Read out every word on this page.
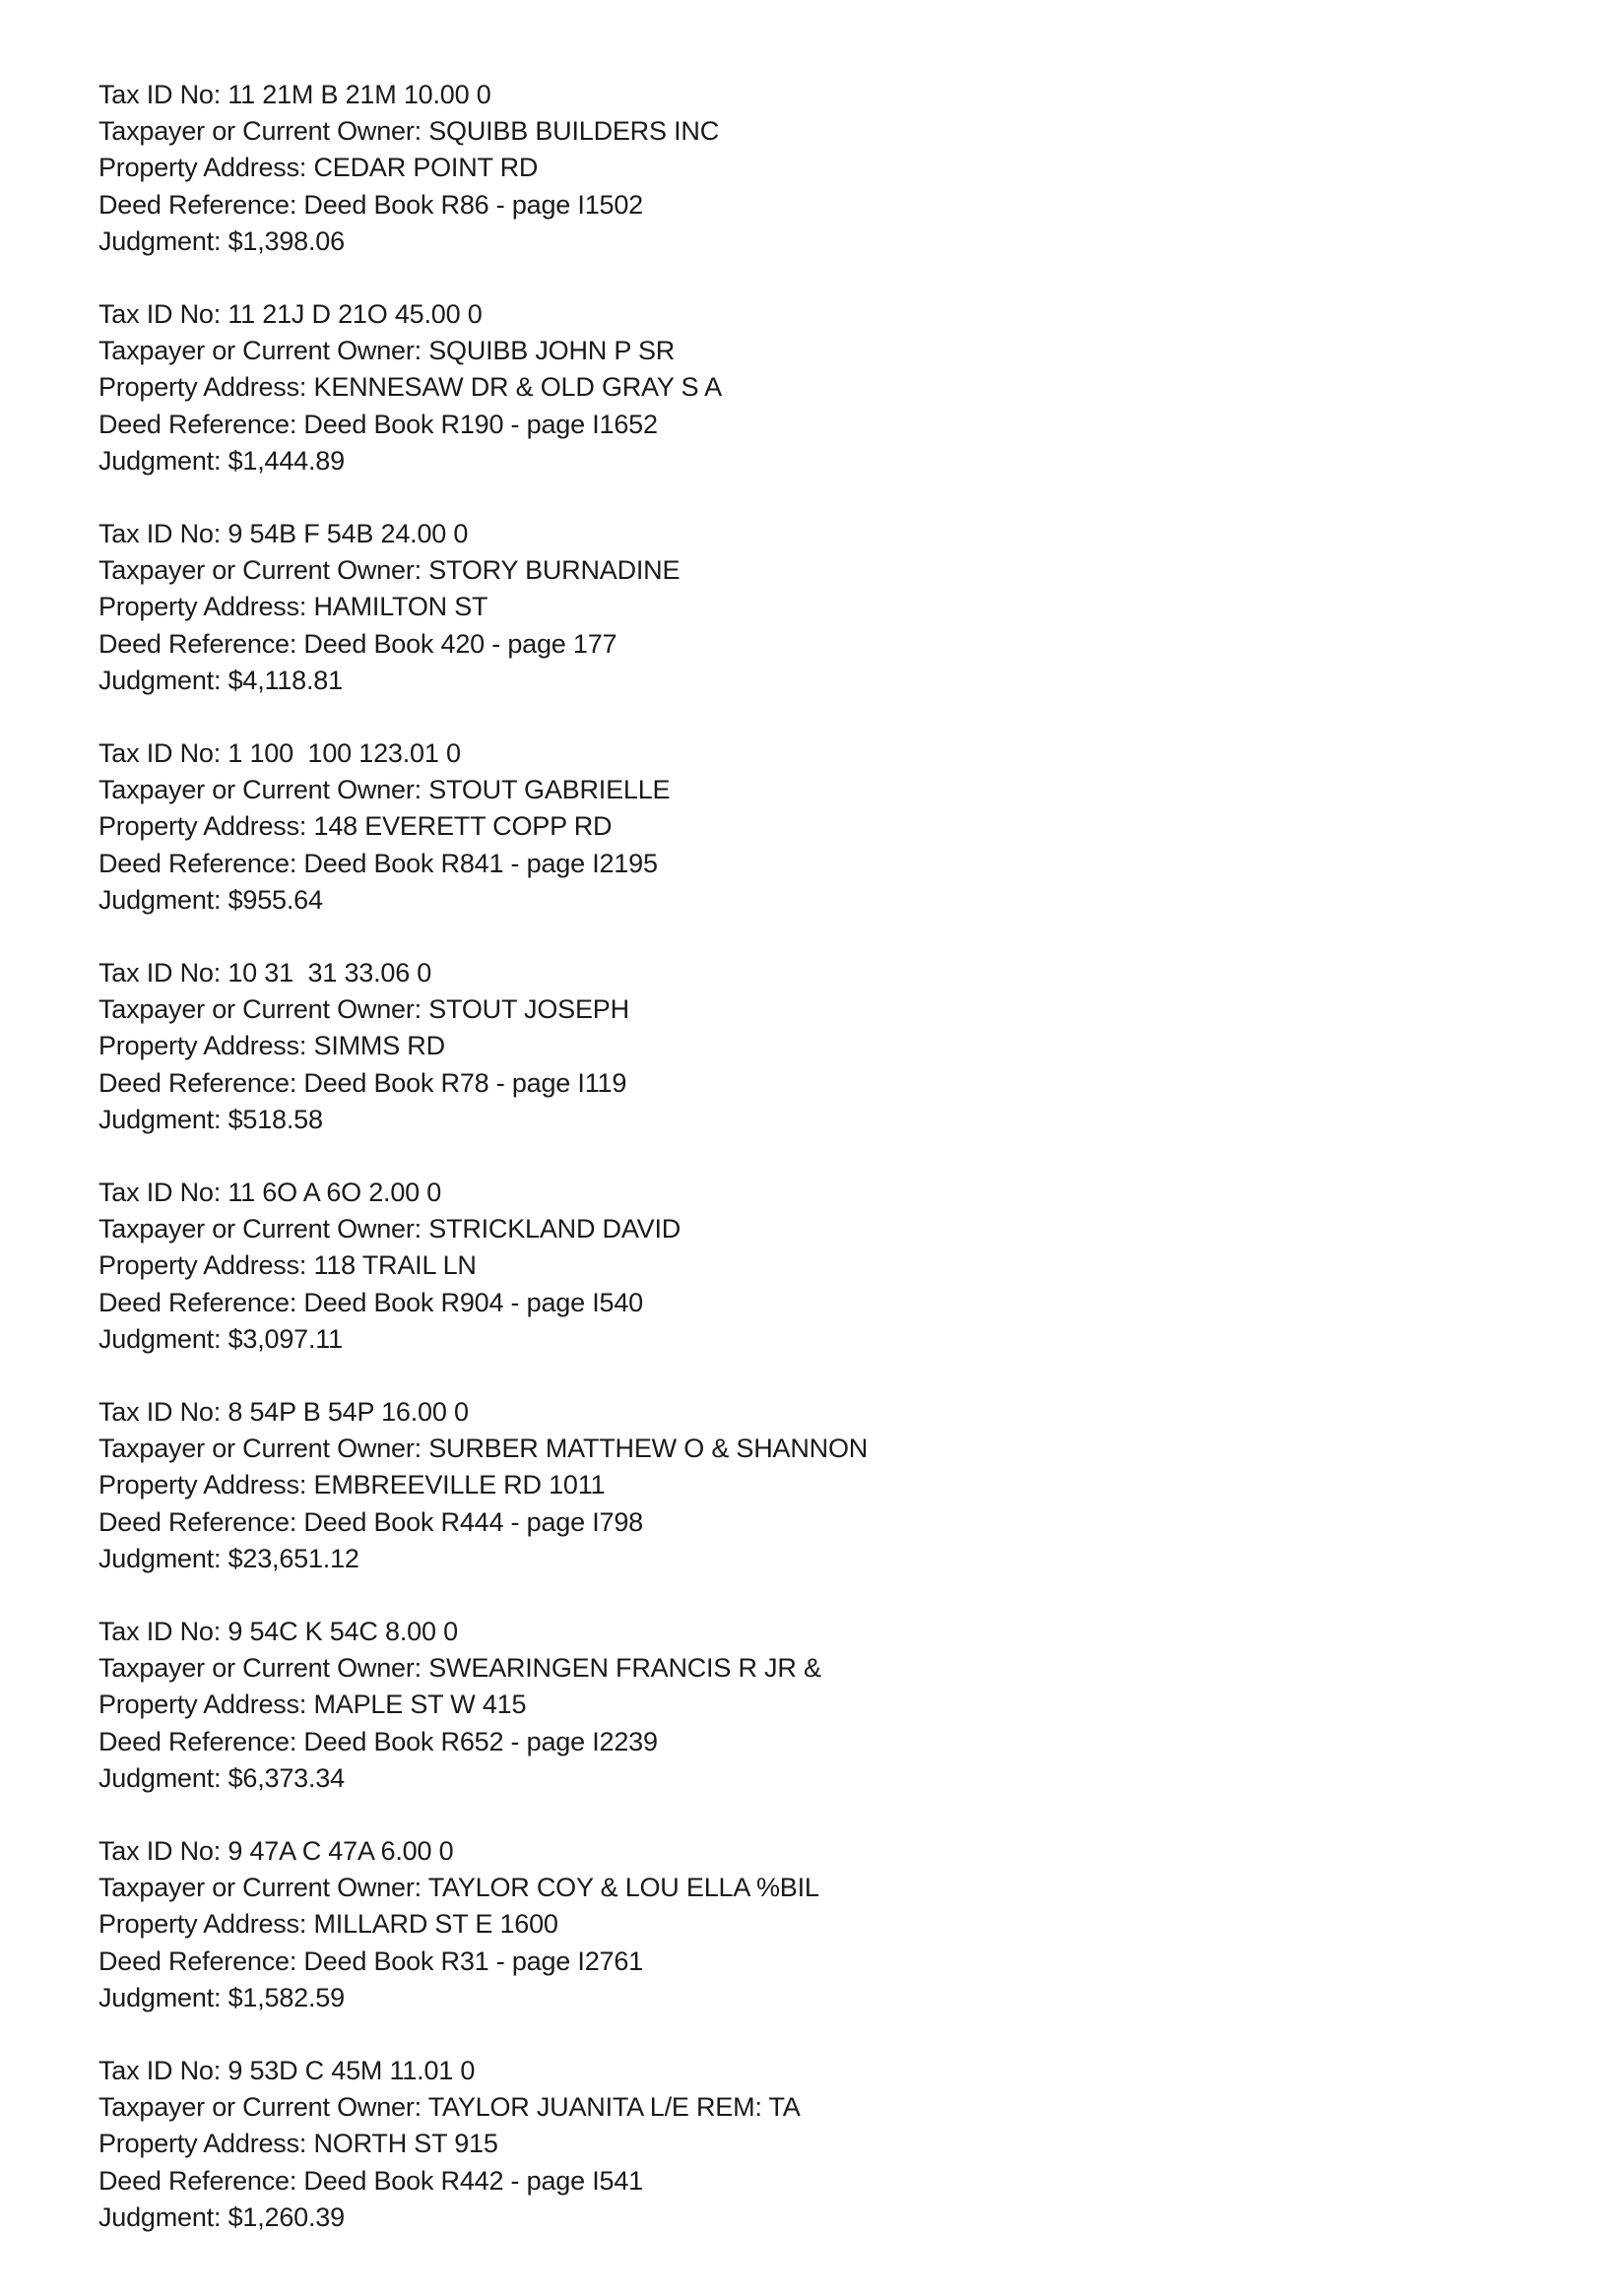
Tax ID No: 11 21M B 21M 10.00 0
Taxpayer or Current Owner: SQUIBB BUILDERS INC
Property Address: CEDAR POINT RD
Deed Reference: Deed Book R86 - page I1502
Judgment: $1,398.06
Tax ID No: 11 21J D 21O 45.00 0
Taxpayer or Current Owner: SQUIBB JOHN P SR
Property Address: KENNESAW DR & OLD GRAY S A
Deed Reference: Deed Book R190 - page I1652
Judgment: $1,444.89
Tax ID No: 9 54B F 54B 24.00 0
Taxpayer or Current Owner: STORY BURNADINE
Property Address: HAMILTON ST
Deed Reference: Deed Book 420 - page 177
Judgment: $4,118.81
Tax ID No: 1 100  100 123.01 0
Taxpayer or Current Owner: STOUT GABRIELLE
Property Address: 148 EVERETT COPP RD
Deed Reference: Deed Book R841 - page I2195
Judgment: $955.64
Tax ID No: 10 31  31 33.06 0
Taxpayer or Current Owner: STOUT JOSEPH
Property Address: SIMMS RD
Deed Reference: Deed Book R78 - page I119
Judgment: $518.58
Tax ID No: 11 6O A 6O 2.00 0
Taxpayer or Current Owner: STRICKLAND DAVID
Property Address: 118 TRAIL LN
Deed Reference: Deed Book R904 - page I540
Judgment: $3,097.11
Tax ID No: 8 54P B 54P 16.00 0
Taxpayer or Current Owner: SURBER MATTHEW O & SHANNON
Property Address: EMBREEVILLE RD 1011
Deed Reference: Deed Book R444 - page I798
Judgment: $23,651.12
Tax ID No: 9 54C K 54C 8.00 0
Taxpayer or Current Owner: SWEARINGEN FRANCIS R JR &
Property Address: MAPLE ST W 415
Deed Reference: Deed Book R652 - page I2239
Judgment: $6,373.34
Tax ID No: 9 47A C 47A 6.00 0
Taxpayer or Current Owner: TAYLOR COY & LOU ELLA %BIL
Property Address: MILLARD ST E 1600
Deed Reference: Deed Book R31 - page I2761
Judgment: $1,582.59
Tax ID No: 9 53D C 45M 11.01 0
Taxpayer or Current Owner: TAYLOR JUANITA L/E REM: TA
Property Address: NORTH ST 915
Deed Reference: Deed Book R442 - page I541
Judgment: $1,260.39
